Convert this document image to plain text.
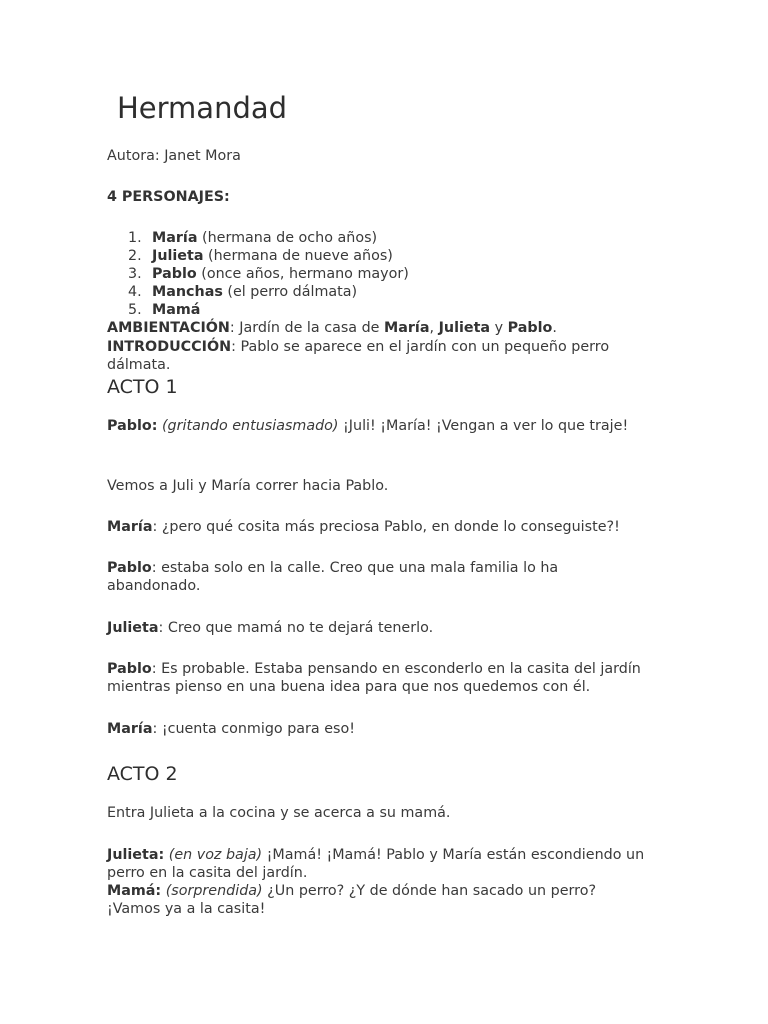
Hermandad
Autora: Janet Mora
4 PERSONAJES:
1. María (hermana de ocho años)
2. Julieta (hermana de nueve años)
3. Pablo (once años, hermano mayor)
4. Manchas (el perro dálmata)
5. Mamá
AMBIENTACIÓN: Jardín de la casa de María, Julieta y Pablo.
INTRODUCCIÓN: Pablo se aparece en el jardín con un pequeño perro dálmata.
ACTO 1
Pablo: (gritando entusiasmado) ¡Juli! ¡María! ¡Vengan a ver lo que traje!
Vemos a Juli y María correr hacia Pablo.
María: ¿pero qué cosita más preciosa Pablo, en donde lo conseguiste?!
Pablo: estaba solo en la calle. Creo que una mala familia lo ha abandonado.
Julieta: Creo que mamá no te dejará tenerlo.
Pablo: Es probable. Estaba pensando en esconderlo en la casita del jardín mientras pienso en una buena idea para que nos quedemos con él.
María: ¡cuenta conmigo para eso!
ACTO 2
Entra Julieta a la cocina y se acerca a su mamá.
Julieta: (en voz baja) ¡Mamá! ¡Mamá! Pablo y María están escondiendo un perro en la casita del jardín.
Mamá: (sorprendida) ¿Un perro? ¿Y de dónde han sacado un perro? ¡Vamos ya a la casita!
